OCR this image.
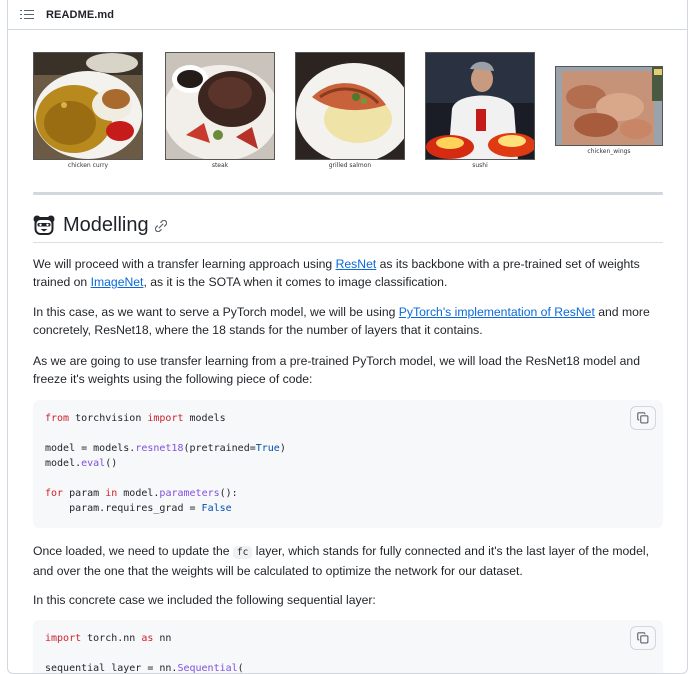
README.md
chicken curry	steak	grilled salmon	sushi
chicken_wings
Modelling
We will proceed with a transfer learning approach using ResNet as its backbone with a pre-trained set of weights trained on ImageNet, as it is the SOTA when it comes to image classification.
In this case, as we want to serve a PyTorch model, we will be using PyTorch's implementation of ResNet and more concretely, ResNet18, where the 18 stands for the number of layers that it contains.
As we are going to use transfer learning from a pre-trained PyTorch model, we will load the ResNet18 model and freeze it's weights using the following piece of code:
from torchvision import models
model = models.resnet18(pretrained=True)
model.eval()
for param in model.parameters():
param.requires_grad = False
Once loaded, we need to update the fc layer, which stands for fully connected and it's the last layer of the model, and over the one that the weights will be calculated to optimize the network for our dataset.
In this concrete case we included the following sequential layer:
import torch.nn as nn
sequential_layer = nn.Sequential(
